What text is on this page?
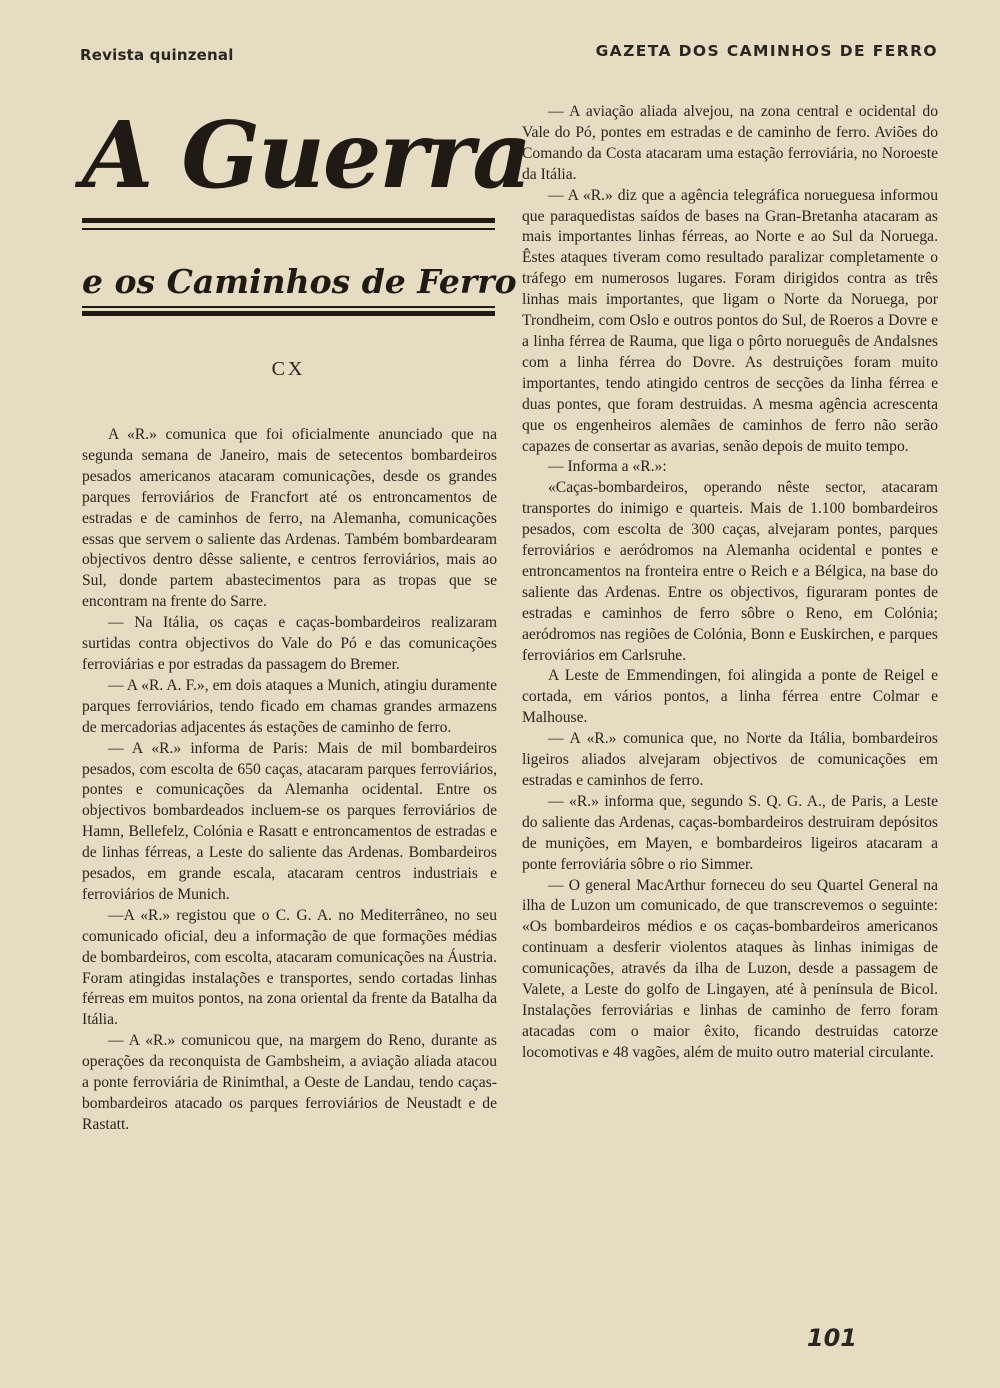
Revista quinzenal	GAZETA DOS CAMINHOS DE FERRO
A Guerra
e os Caminhos de Ferro
CX

A «R.» comunica que foi oficialmente anunciado que na segunda semana de Janeiro, mais de setecentos bombardeiros pesados americanos atacaram comunicações, desde os grandes parques ferroviários de Francfort até os entroncamentos de estradas e de caminhos de ferro, na Alemanha, comunicações essas que servem o saliente das Ardenas. Também bombardearam objectivos dentro dêsse saliente, e centros ferroviários, mais ao Sul, donde partem abastecimentos para as tropas que se encontram na frente do Sarre.

— Na Itália, os caças e caças-bombardeiros realizaram surtidas contra objectivos do Vale do Pó e das comunicações ferroviárias e por estradas da passagem do Bremer.

— A «R. A. F.», em dois ataques a Munich, atingiu duramente parques ferroviários, tendo ficado em chamas grandes armazens de mercadorias adjacentes ás estações de caminho de ferro.

— A «R.» informa de Paris: Mais de mil bombardeiros pesados, com escolta de 650 caças, atacaram parques ferroviários, pontes e comunicações da Alemanha ocidental. Entre os objectivos bombardeados incluem-se os parques ferroviários de Hamn, Bellefelz, Colónia e Rasatt e entroncamentos de estradas e de linhas férreas, a Leste do saliente das Ardenas. Bombardeiros pesados, em grande escala, atacaram centros industriais e ferroviários de Munich.

—A «R.» registou que o C. G. A. no Mediterrâneo, no seu comunicado oficial, deu a informação de que formações médias de bombardeiros, com escolta, atacaram comunicações na Áustria. Foram atingidas instalações e transportes, sendo cortadas linhas férreas em muitos pontos, na zona oriental da frente da Batalha da Itália.

— A «R.» comunicou que, na margem do Reno, durante as operações da reconquista de Gambsheim, a aviação aliada atacou a ponte ferroviária de Rinimthal, a Oeste de Landau, tendo caças-bombardeiros atacado os parques ferroviários de Neustadt e de Rastatt.

— A aviação aliada alvejou, na zona central e ocidental do Vale do Pó, pontes em estradas e de caminho de ferro. Aviões do Comando da Costa atacaram uma estação ferroviária, no Noroeste da Itália.

— A «R.» diz que a agência telegráfica norueguesa informou que paraquedistas saídos de bases na Gran-Bretanha atacaram as mais importantes linhas férreas, ao Norte e ao Sul da Noruega. Êstes ataques tiveram como resultado paralizar completamente o tráfego em numerosos lugares. Foram dirigidos contra as três linhas mais importantes, que ligam o Norte da Noruega, por Trondheim, com Oslo e outros pontos do Sul, de Roeros a Dovre e a linha férrea de Rauma, que liga o pôrto norueguês de Andalsnes com a linha férrea do Dovre. As destruições foram muito importantes, tendo atingido centros de secções da linha férrea e duas pontes, que foram destruidas. A mesma agência acrescenta que os engenheiros alemães de caminhos de ferro não serão capazes de consertar as avarias, senão depois de muito tempo.

— Informa a «R.»:

«Caças-bombardeiros, operando nêste sector, atacaram transportes do inimigo e quarteis. Mais de 1.100 bombardeiros pesados, com escolta de 300 caças, alvejaram pontes, parques ferroviários e aeródromos na Alemanha ocidental e pontes e entroncamentos na fronteira entre o Reich e a Bélgica, na base do saliente das Ardenas. Entre os objectivos, figuraram pontes de estradas e caminhos de ferro sôbre o Reno, em Colónia; aeródromos nas regiões de Colónia, Bonn e Euskirchen, e parques ferroviários em Carlsruhe.

A Leste de Emmendingen, foi alingida a ponte de Reigel e cortada, em vários pontos, a linha férrea entre Colmar e Malhouse.

— A «R.» comunica que, no Norte da Itália, bombardeiros ligeiros aliados alvejaram objectivos de comunicações em estradas e caminhos de ferro.

— «R.» informa que, segundo S. Q. G. A., de Paris, a Leste do saliente das Ardenas, caças-bombardeiros destruiram depósitos de munições, em Mayen, e bombardeiros ligeiros atacaram a ponte ferroviária sôbre o rio Simmer.

— O general MacArthur forneceu do seu Quartel General na ilha de Luzon um comunicado, de que transcrevemos o seguinte: «Os bombardeiros médios e os caças-bombardeiros americanos continuam a desferir violentos ataques às linhas inimigas de comunicações, através da ilha de Luzon, desde a passagem de Valete, a Leste do golfo de Lingayen, até à península de Bicol. Instalações ferroviárias e linhas de caminho de ferro foram atacadas com o maior êxito, ficando destruidas catorze locomotivas e 48 vagões, além de muito outro material circulante.

101
